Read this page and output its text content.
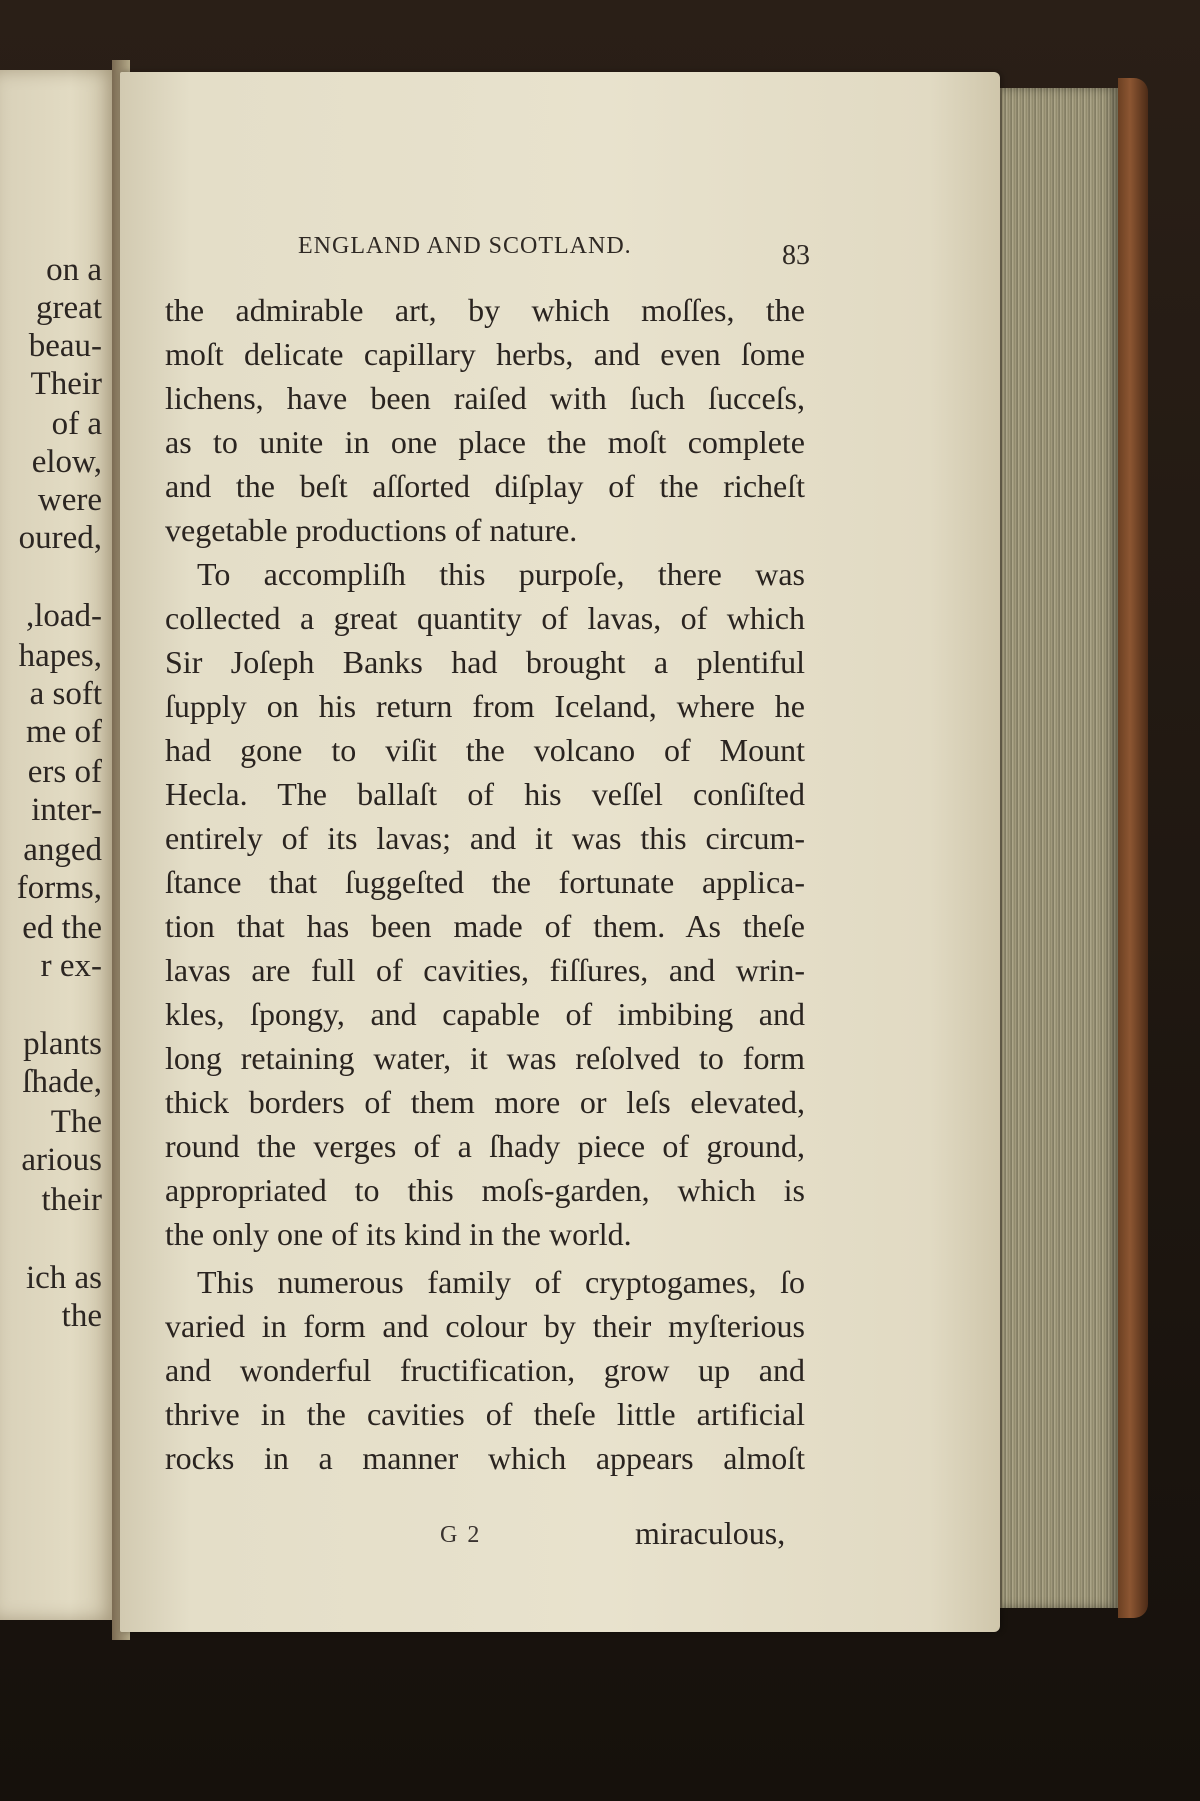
on a
great
beau-
Their
of a
elow,
were
oured,
,load-
hapes,
a soft
me of
ers of
inter-
anged
forms,
ed the
r ex-
plants
ſhade,
The
arious
their
ich as
the
ENGLAND AND SCOTLAND.	83
the admirable art, by which moſſes, the
moſt delicate capillary herbs, and even ſome
lichens, have been raiſed with ſuch ſucceſs,
as to unite in one place the moſt complete
and the beſt aſſorted diſplay of the richeſt
vegetable productions of nature.
To accompliſh this purpoſe, there was
collected a great quantity of lavas, of which
Sir Joſeph Banks had brought a plentiful
ſupply on his return from Iceland, where he
had gone to viſit the volcano of Mount
Hecla. The ballaſt of his veſſel conſiſted
entirely of its lavas; and it was this circum-
ſtance that ſuggeſted the fortunate applica-
tion that has been made of them. As theſe
lavas are full of cavities, fiſſures, and wrin-
kles, ſpongy, and capable of imbibing and
long retaining water, it was reſolved to form
thick borders of them more or leſs elevated,
round the verges of a ſhady piece of ground,
appropriated to this moſs-garden, which is
the only one of its kind in the world.
This numerous family of cryptogames, ſo
varied in form and colour by their myſterious
and wonderful fructification, grow up and
thrive in the cavities of theſe little artificial
rocks in a manner which appears almoſt
G 2	miraculous,
